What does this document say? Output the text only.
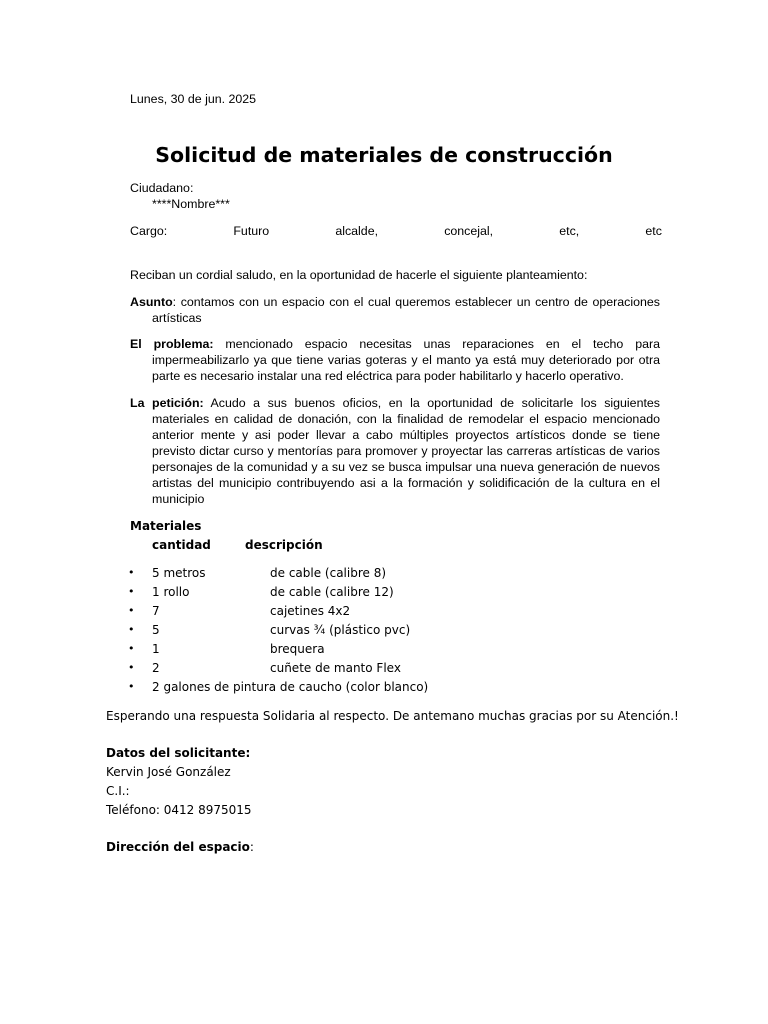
Lunes, 30 de jun. 2025
Solicitud de materiales de construcción
Ciudadano:
****Nombre***
Cargo:	Futuro	alcalde,	concejal,	etc,	etc
Reciban un cordial saludo, en la oportunidad de hacerle el siguiente planteamiento:
Asunto: contamos con un espacio con el cual queremos establecer un centro de operaciones artísticas
El problema: mencionado espacio necesitas unas reparaciones en el techo para impermeabilizarlo ya que tiene varias goteras y el manto ya está muy deteriorado por otra parte es necesario instalar una red eléctrica para poder habilitarlo y hacerlo operativo.
La petición: Acudo a sus buenos oficios, en la oportunidad de solicitarle los siguientes materiales en calidad de donación, con la finalidad de remodelar el espacio mencionado anterior mente y asi poder llevar a cabo múltiples proyectos artísticos donde se tiene previsto dictar curso y mentorías para promover y proyectar las carreras artísticas de varios personajes de la comunidad y a su vez se busca impulsar una nueva generación de nuevos artistas del municipio contribuyendo asi a la formación y solidificación de la cultura en el municipio
Materiales
cantidad	descripción
• 5 metros	de cable (calibre 8)
• 1 rollo	de cable (calibre 12)
• 7	cajetines 4x2
• 5	curvas ¾ (plástico pvc)
• 1	brequera
• 2	cuñete de manto Flex
• 2 galones de pintura de caucho (color blanco)
Esperando una respuesta Solidaria al respecto. De antemano muchas gracias por su Atención.!
Datos del solicitante:
Kervin José González
C.I.:
Teléfono: 0412 8975015
Dirección del espacio:
